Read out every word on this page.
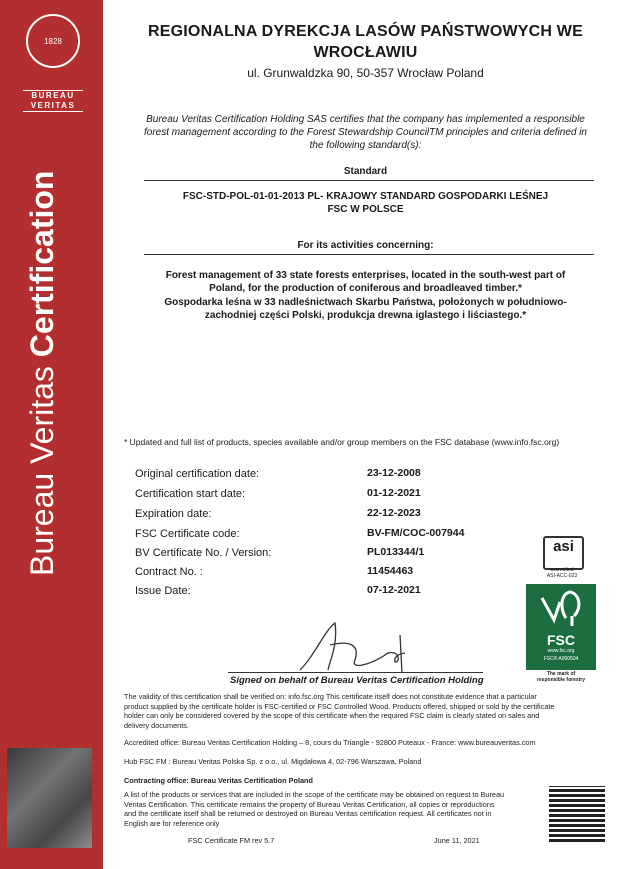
1828
BUREAU VERITAS
Bureau Veritas Certification
REGIONALNA DYREKCJA LASÓW PAŃSTWOWYCH WE
WROCŁAWIU
ul. Grunwaldzka 90, 50-357 Wrocław Poland
Bureau Veritas Certification Holding SAS certifies that the company has implemented a responsible
forest management according to the Forest Stewardship CouncilTM principles and criteria defined in
the following standard(s):
Standard
FSC-STD-POL-01-01-2013 PL- KRAJOWY STANDARD GOSPODARKI LEŚNEJ
FSC W POLSCE
For its activities concerning:
Forest management of 33 state forests enterprises, located in the south-west part of
Poland, for the production of coniferous and broadleaved timber.*
Gospodarka leśna w 33 nadleśnictwach Skarbu Państwa, położonych w południowo-
zachodniej części Polski, produkcja drewna iglastego i liściastego.*
* Updated and full list of products, species available and/or group members on the FSC database (www.info.fsc.org)
Original certification date:	23-12-2008
Certification start date:	01-12-2021
Expiration date:	22-12-2023
FSC Certificate code:	BV-FM/COC-007944
BV Certificate No. / Version:	PL013344/1
Contract No. :	11454463
Issue Date:	07-12-2021
Signed on behalf of Bureau Veritas Certification Holding
The validity of this certification shall be verified on: info.fsc.org This certificate itself does not constitute evidence that a particular
product supplied by the certificate holder is FSC-certified or FSC Controlled Wood. Products offered, shipped or sold by the certificate
holder can only be considered covered by the scope of this certificate when the required FSC claim is clearly stated on sales and
delivery documents.
Accredited office: Bureau Veritas Certification Holding – 8, cours du Triangle - 92800 Puteaux - France: www.bureauveritas.com
Hub FSC FM : Bureau Veritas Polska Sp. z o.o., ul. Migdałowa 4, 02-796 Warszawa, Poland
Contracting office: Bureau Veritas Certification Poland
A list of the products or services that are included in the scope of the certificate may be obtained on request to Bureau
Veritas Certification. This certificate remains the property of Bureau Veritas Certification, all copies or reproductions
and the certificate itself shall be returned or destroyed on Bureau Veritas certification request. All certificates not in
English are for reference only
FSC Certificate FM rev 5.7	June 11, 2021
asi
accredited
ASI-ACC-023
FSC
www.fsc.org
FSC® A000504
The mark of
responsible forestry
